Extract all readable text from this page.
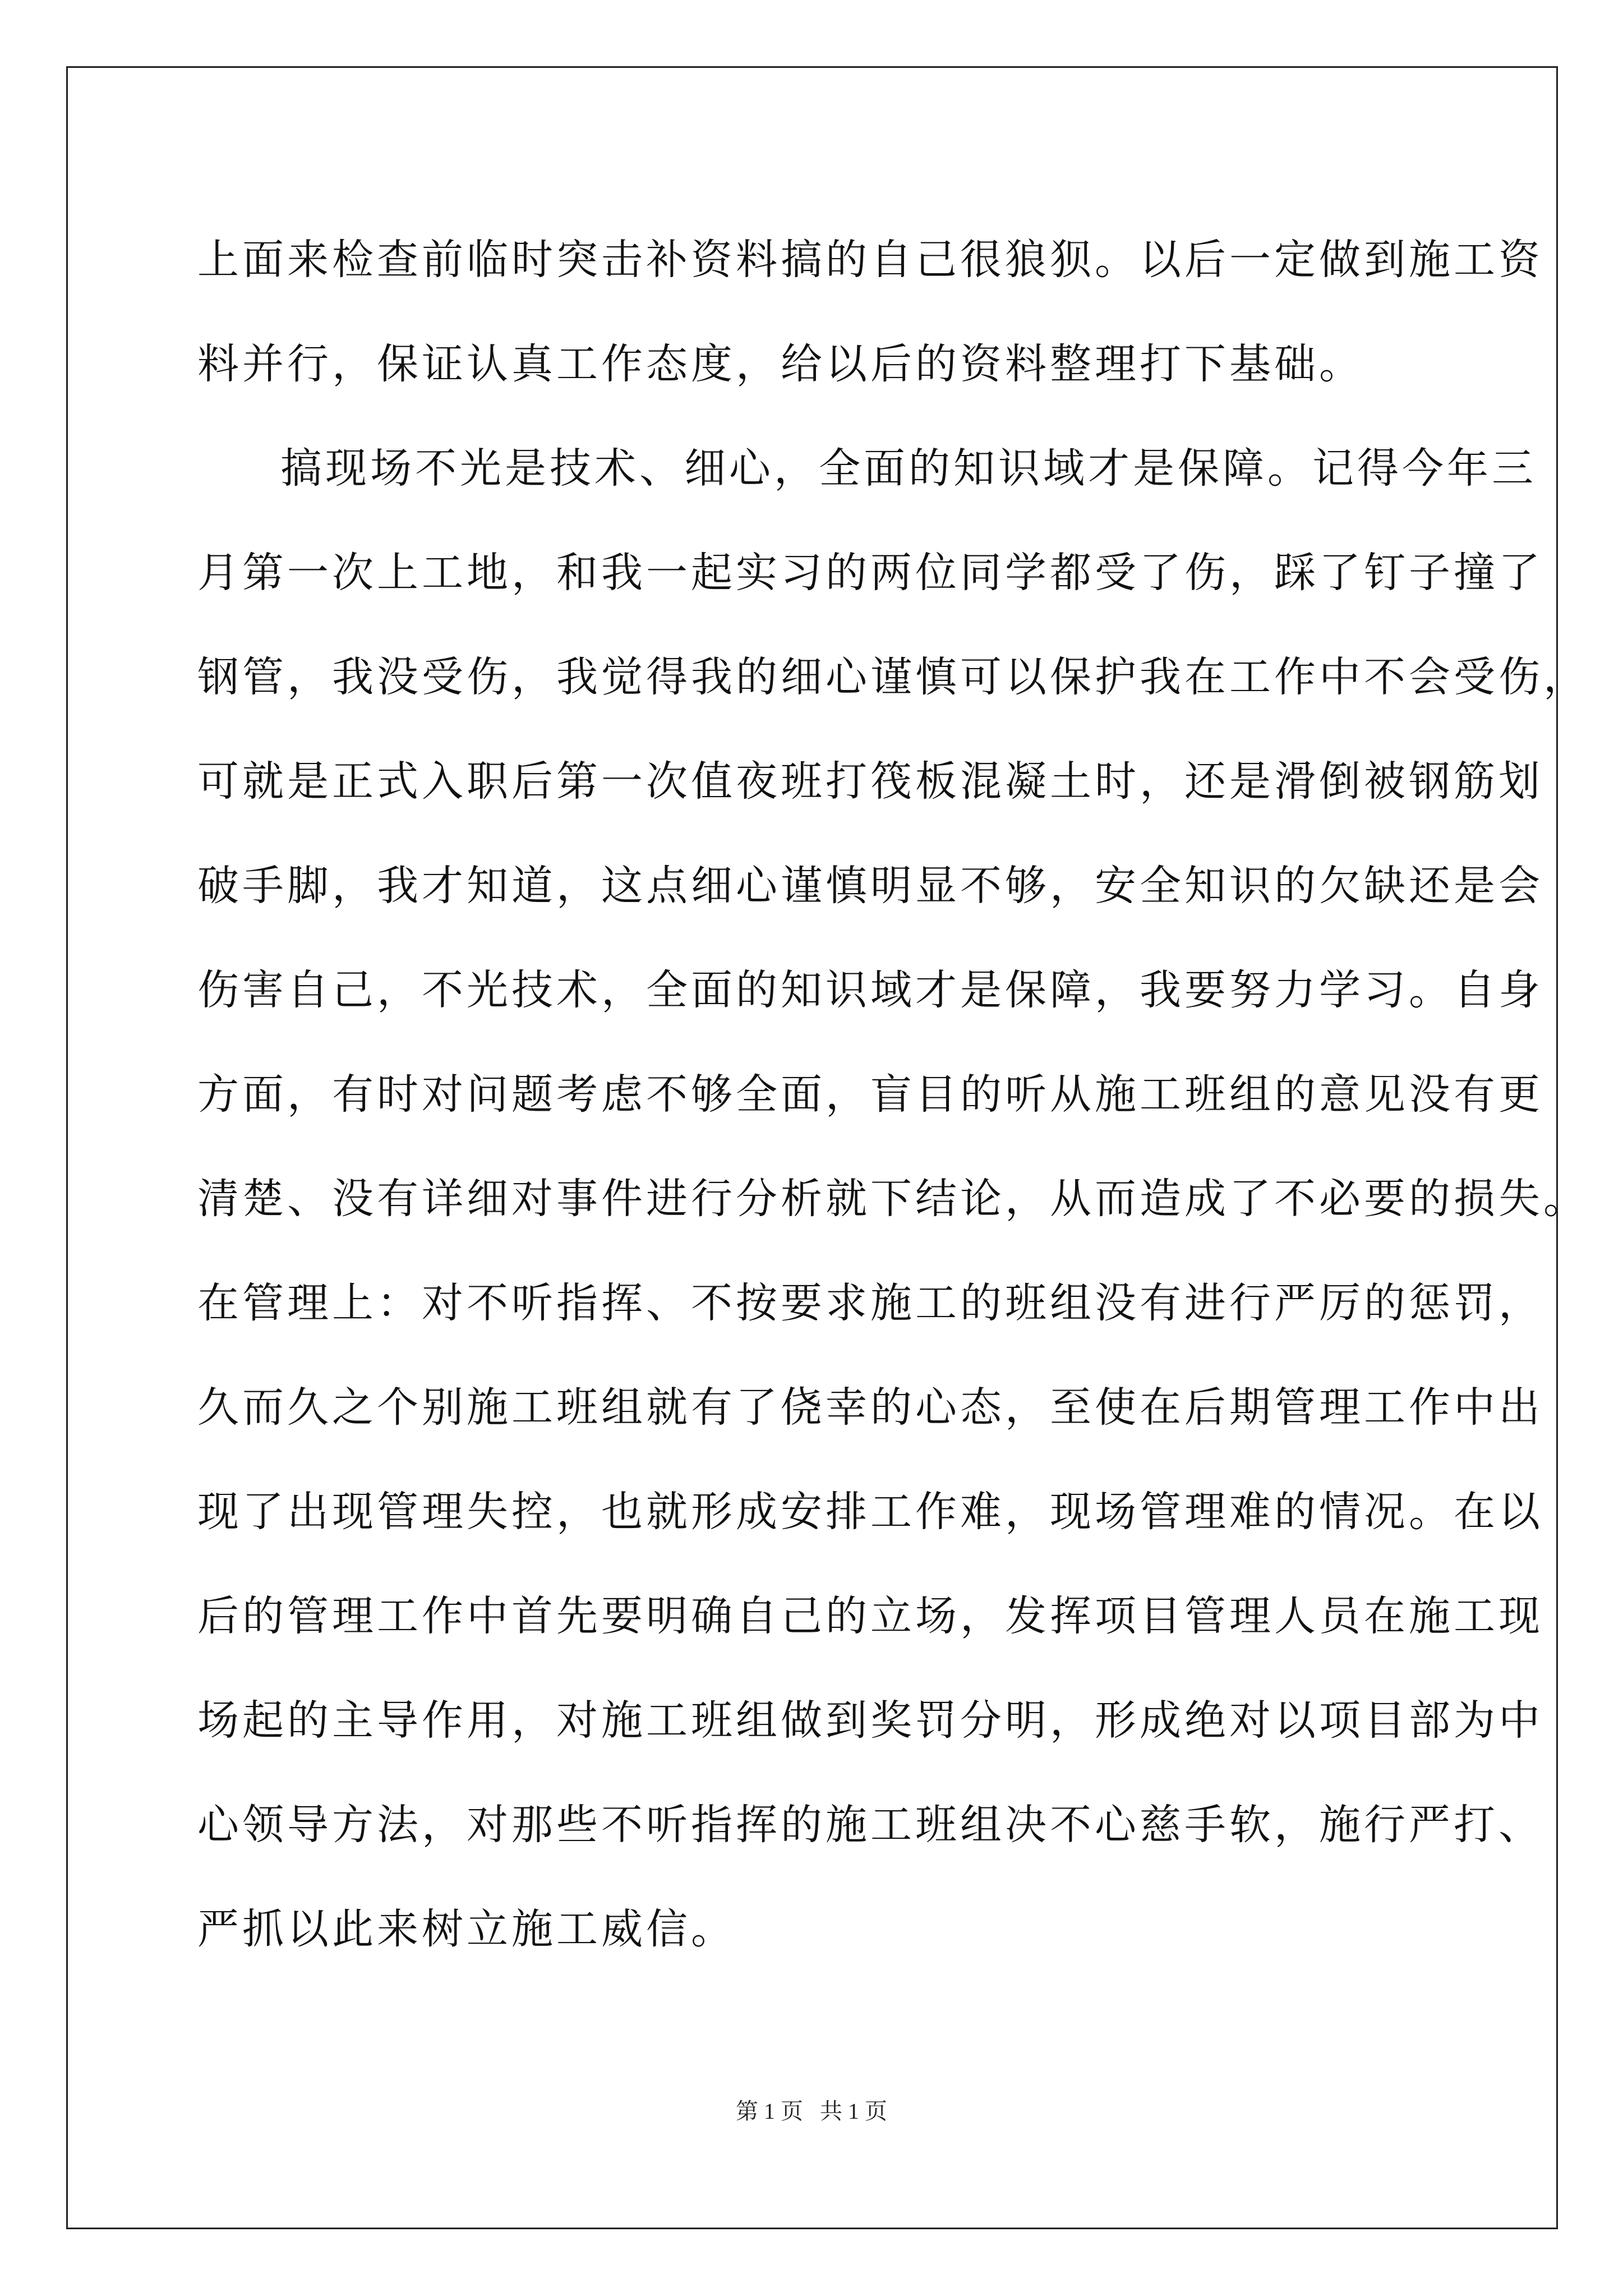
上面来检查前临时突击补资料搞的自己很狼狈。以后一定做到施工资
料并行，保证认真工作态度，给以后的资料整理打下基础。
搞现场不光是技术、细心，全面的知识域才是保障。记得今年三
月第一次上工地，和我一起实习的两位同学都受了伤，踩了钉子撞了
钢管，我没受伤，我觉得我的细心谨慎可以保护我在工作中不会受伤，
可就是正式入职后第一次值夜班打筏板混凝土时，还是滑倒被钢筋划
破手脚，我才知道，这点细心谨慎明显不够，安全知识的欠缺还是会
伤害自己，不光技术，全面的知识域才是保障，我要努力学习。自身
方面，有时对问题考虑不够全面，盲目的听从施工班组的意见没有更
清楚、没有详细对事件进行分析就下结论，从而造成了不必要的损失。
在管理上：对不听指挥、不按要求施工的班组没有进行严厉的惩罚，
久而久之个别施工班组就有了侥幸的心态，至使在后期管理工作中出
现了出现管理失控，也就形成安排工作难，现场管理难的情况。在以
后的管理工作中首先要明确自己的立场，发挥项目管理人员在施工现
场起的主导作用，对施工班组做到奖罚分明，形成绝对以项目部为中
心领导方法，对那些不听指挥的施工班组决不心慈手软，施行严打、
严抓以此来树立施工威信。
第 1 页   共 1 页
